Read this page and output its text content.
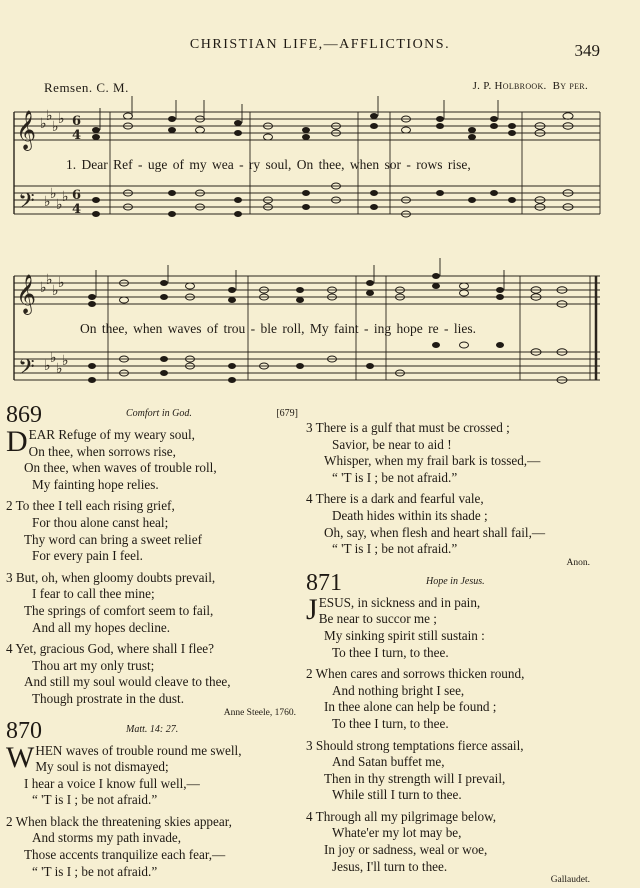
CHRISTIAN LIFE,—AFFLICTIONS.	349
Remsen. C. M.	J. P. Holbrook. By per.
𝄞
𝄢
𝄞
𝄢
♭ ♭
♭ ♭
♭ ♭
♭ ♭
♭ ♭
♭ ♭
♭ ♭
♭ ♭
6
4
6
4
1. Dear Ref - uge of my wea - ry soul, On thee, when sor - rows rise,
On thee, when waves of trou - ble roll, My faint - ing hope re - lies.
869	Comfort in God.	[679]
D EAR Refuge of my weary soul,
On thee, when sorrows rise,
On thee, when waves of trouble roll,
My fainting hope relies.
2 To thee I tell each rising grief,
For thou alone canst heal;
Thy word can bring a sweet relief
For every pain I feel.
3 But, oh, when gloomy doubts prevail,
I fear to call thee mine;
The springs of comfort seem to fail,
And all my hopes decline.
4 Yet, gracious God, where shall I flee?
Thou art my only trust;
And still my soul would cleave to thee,
Though prostrate in the dust.
Anne Steele, 1760.
870	Matt. 14: 27.
W HEN waves of trouble round me swell,
My soul is not dismayed;
I hear a voice I know full well,—
“ 'T is I ; be not afraid.”
2 When black the threatening skies appear,
And storms my path invade,
Those accents tranquilize each fear,—
“ 'T is I ; be not afraid.”
3 There is a gulf that must be crossed ;
Savior, be near to aid !
Whisper, when my frail bark is tossed,—
“ 'T is I ; be not afraid.”
4 There is a dark and fearful vale,
Death hides within its shade ;
Oh, say, when flesh and heart shall fail,—
“ 'T is I ; be not afraid.”
Anon.
871	Hope in Jesus.
J ESUS, in sickness and in pain,
Be near to succor me ;
My sinking spirit still sustain :
To thee I turn, to thee.
2 When cares and sorrows thicken round,
And nothing bright I see,
In thee alone can help be found ;
To thee I turn, to thee.
3 Should strong temptations fierce assail,
And Satan buffet me,
Then in thy strength will I prevail,
While still I turn to thee.
4 Through all my pilgrimage below,
Whate'er my lot may be,
In joy or sadness, weal or woe,
Jesus, I'll turn to thee.
Gallaudet.
